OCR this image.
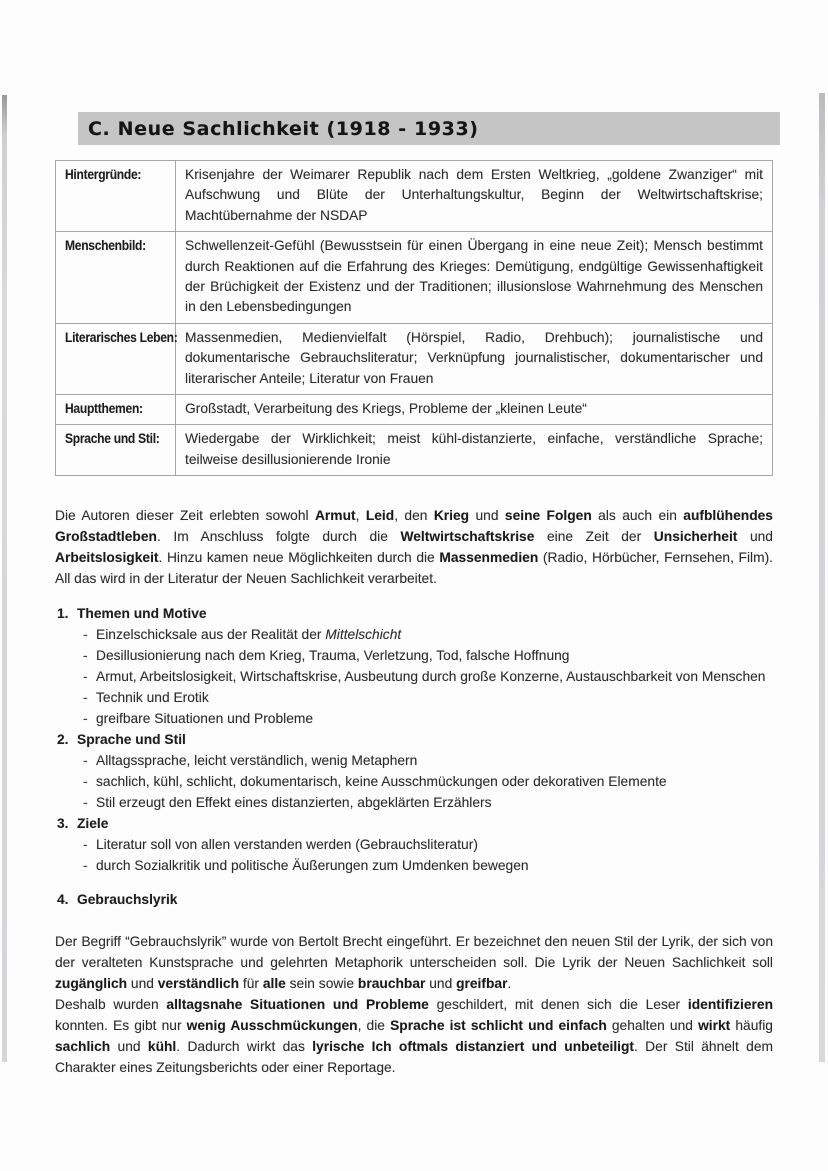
C. Neue Sachlichkeit (1918 - 1933)
Hintergründe:	Krisenjahre der Weimarer Republik nach dem Ersten Weltkrieg, „goldene Zwanziger“ mit Aufschwung und Blüte der Unterhaltungskultur, Beginn der Weltwirtschaftskrise; Machtübernahme der NSDAP
Menschenbild:	Schwellenzeit-Gefühl (Bewusstsein für einen Übergang in eine neue Zeit); Mensch bestimmt durch Reaktionen auf die Erfahrung des Krieges: Demütigung, endgültige Gewissenhaftigkeit der Brüchigkeit der Existenz und der Traditionen; illusionslose Wahrnehmung des Menschen in den Lebensbedingungen
Literarisches Leben:	Massenmedien, Medienvielfalt (Hörspiel, Radio, Drehbuch); journalistische und dokumentarische Gebrauchsliteratur; Verknüpfung journalistischer, dokumentarischer und literarischer Anteile; Literatur von Frauen
Hauptthemen:	Großstadt, Verarbeitung des Kriegs, Probleme der „kleinen Leute“
Sprache und Stil:	Wiedergabe der Wirklichkeit; meist kühl-distanzierte, einfache, verständliche Sprache; teilweise desillusionierende Ironie

Die Autoren dieser Zeit erlebten sowohl Armut, Leid, den Krieg und seine Folgen als auch ein aufblühendes Großstadtleben. Im Anschluss folgte durch die Weltwirtschaftskrise eine Zeit der Unsicherheit und Arbeitslosigkeit. Hinzu kamen neue Möglichkeiten durch die Massenmedien (Radio, Hörbücher, Fernsehen, Film). All das wird in der Literatur der Neuen Sachlichkeit verarbeitet.

1. Themen und Motive
- Einzelschicksale aus der Realität der Mittelschicht
- Desillusionierung nach dem Krieg, Trauma, Verletzung, Tod, falsche Hoffnung
- Armut, Arbeitslosigkeit, Wirtschaftskrise, Ausbeutung durch große Konzerne, Austauschbarkeit von Menschen
- Technik und Erotik
- greifbare Situationen und Probleme
2. Sprache und Stil
- Alltagssprache, leicht verständlich, wenig Metaphern
- sachlich, kühl, schlicht, dokumentarisch, keine Ausschmückungen oder dekorativen Elemente
- Stil erzeugt den Effekt eines distanzierten, abgeklärten Erzählers
3. Ziele
- Literatur soll von allen verstanden werden (Gebrauchsliteratur)
- durch Sozialkritik und politische Äußerungen zum Umdenken bewegen
4. Gebrauchslyrik

Der Begriff “Gebrauchslyrik” wurde von Bertolt Brecht eingeführt. Er bezeichnet den neuen Stil der Lyrik, der sich von der veralteten Kunstsprache und gelehrten Metaphorik unterscheiden soll. Die Lyrik der Neuen Sachlichkeit soll zugänglich und verständlich für alle sein sowie brauchbar und greifbar.

Deshalb wurden alltagsnahe Situationen und Probleme geschildert, mit denen sich die Leser identifizieren konnten. Es gibt nur wenig Ausschmückungen, die Sprache ist schlicht und einfach gehalten und wirkt häufig sachlich und kühl. Dadurch wirkt das lyrische Ich oftmals distanziert und unbeteiligt. Der Stil ähnelt dem Charakter eines Zeitungsberichts oder einer Reportage.
